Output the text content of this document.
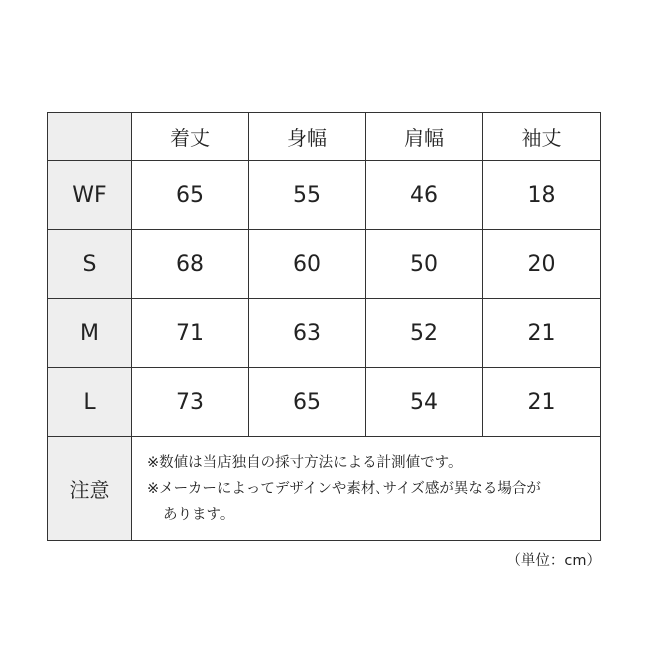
	着丈	身幅	肩幅	袖丈
WF	65	55	46	18
S	68	60	50	20
M	71	63	52	21
L	73	65	54	21
注意	※数値は当店独自の採寸方法による計測値です。
※メーカーによってデザインや素材､サイズ感が異なる場合が
あります。			
（単位：cm）
